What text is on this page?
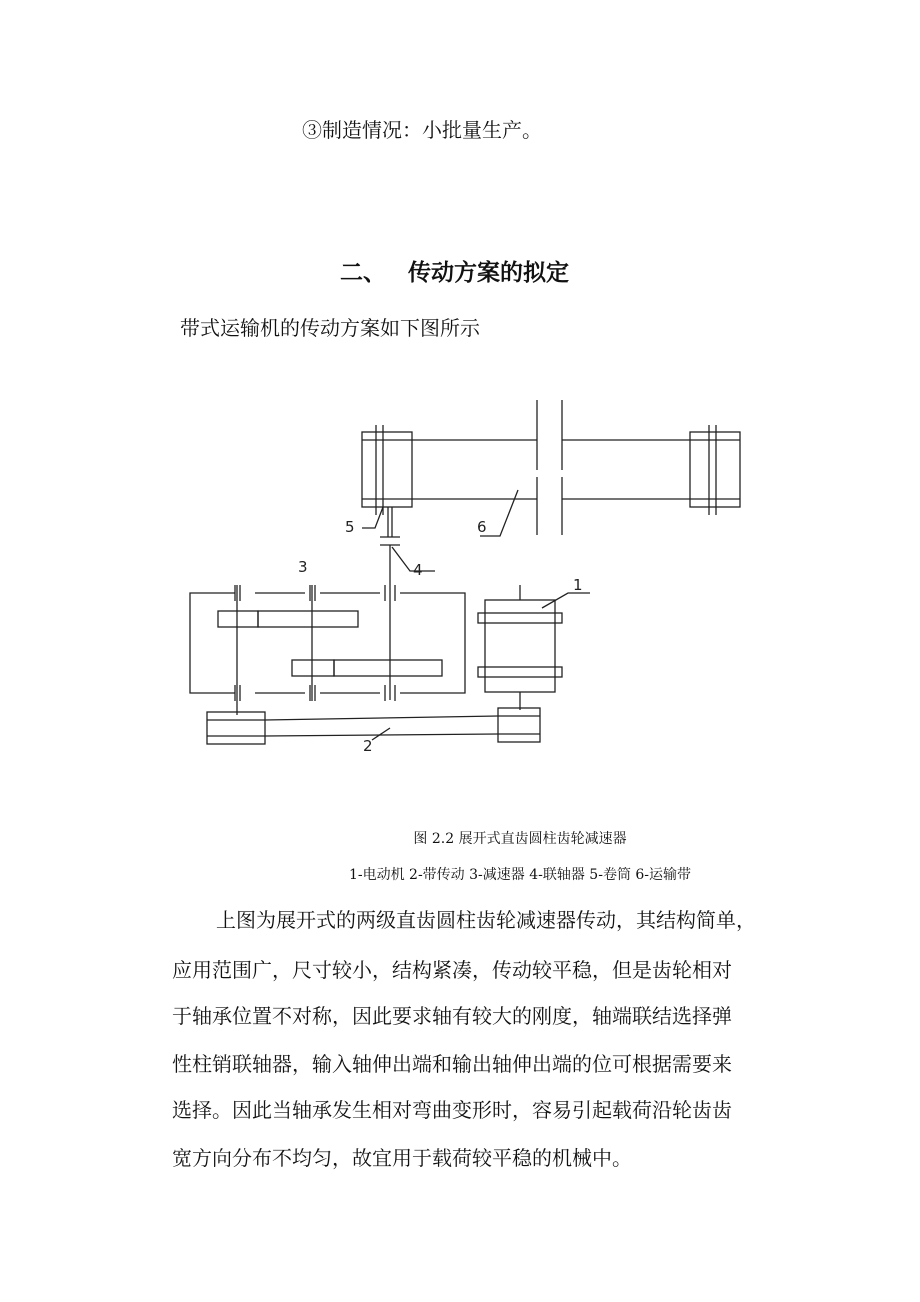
③制造情况：小批量生产。
二、 传动方案的拟定
带式运输机的传动方案如下图所示
1
2
3	4
5	6
图 2.2 展开式直齿圆柱齿轮减速器
1-电动机 2-带传动 3-减速器 4-联轴器 5-卷筒 6-运输带
上图为展开式的两级直齿圆柱齿轮减速器传动，其结构简单，
应用范围广，尺寸较小，结构紧凑，传动较平稳，但是齿轮相对
于轴承位置不对称，因此要求轴有较大的刚度，轴端联结选择弹
性柱销联轴器，输入轴伸出端和输出轴伸出端的位可根据需要来
选择。因此当轴承发生相对弯曲变形时，容易引起载荷沿轮齿齿
宽方向分布不均匀，故宜用于载荷较平稳的机械中。
